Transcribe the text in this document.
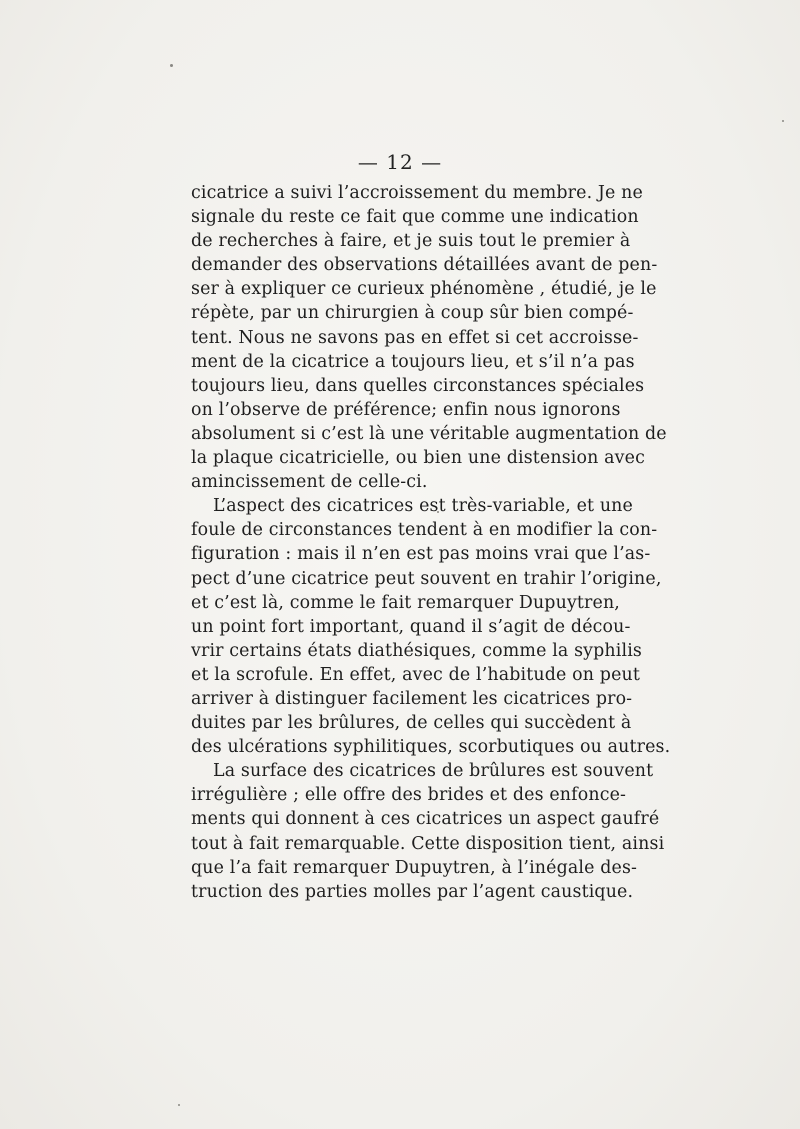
— 12 —
cicatrice a suivi l’accroissement du membre. Je ne
signale du reste ce fait que comme une indication
de recherches à faire, et je suis tout le premier à
demander des observations détaillées avant de pen-
ser à expliquer ce curieux phénomène , étudié, je le
répète, par un chirurgien à coup sûr bien compé-
tent. Nous ne savons pas en effet si cet accroisse-
ment de la cicatrice a toujours lieu, et s’il n’a pas
toujours lieu, dans quelles circonstances spéciales
on l’observe de préférence; enfin nous ignorons
absolument si c’est là une véritable augmentation de
la plaque cicatricielle, ou bien une distension avec
amincissement de celle-ci.
L’aspect des cicatrices est très-variable, et une
foule de circonstances tendent à en modifier la con-
figuration : mais il n’en est pas moins vrai que l’as-
pect d’une cicatrice peut souvent en trahir l’origine,
et c’est là, comme le fait remarquer Dupuytren,
un point fort important, quand il s’agit de décou-
vrir certains états diathésiques, comme la syphilis
et la scrofule. En effet, avec de l’habitude on peut
arriver à distinguer facilement les cicatrices pro-
duites par les brûlures, de celles qui succèdent à
des ulcérations syphilitiques, scorbutiques ou autres.
La surface des cicatrices de brûlures est souvent
irrégulière ; elle offre des brides et des enfonce-
ments qui donnent à ces cicatrices un aspect gaufré
tout à fait remarquable. Cette disposition tient, ainsi
que l’a fait remarquer Dupuytren, à l’inégale des-
truction des parties molles par l’agent caustique.
